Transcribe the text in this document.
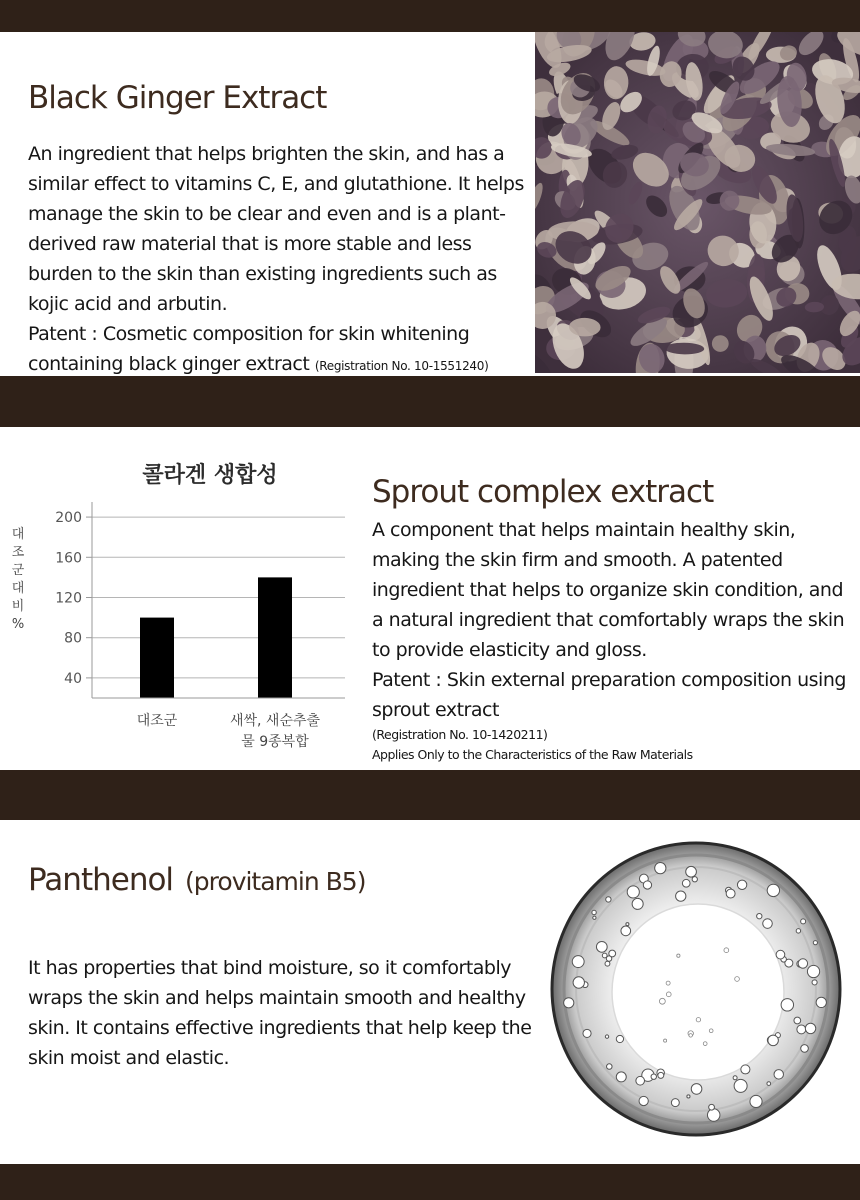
Black Ginger Extract
An ingredient that helps brighten the skin, and has a similar effect to vitamins C, E, and glutathione. It helps manage the skin to be clear and even and is a plant-derived raw material that is more stable and less burden to the skin than existing ingredients such as kojic acid and arbutin.
Patent : Cosmetic composition for skin whitening containing black ginger extract (Registration No. 10-1551240)
콜라겐 생합성
대
조
군
대
비
%
40
80
120
160
200
대조군	새싹, 새순추출
물 9종복합
Sprout complex extract
A component that helps maintain healthy skin, making the skin firm and smooth. A patented ingredient that helps to organize skin condition, and a natural ingredient that comfortably wraps the skin to provide elasticity and gloss.
Patent : Skin external preparation composition using sprout extract
(Registration No. 10-1420211)
Applies Only to the Characteristics of the Raw Materials
Panthenol (provitamin B5)
It has properties that bind moisture, so it comfortably wraps the skin and helps maintain smooth and healthy skin. It contains effective ingredients that help keep the skin moist and elastic.
